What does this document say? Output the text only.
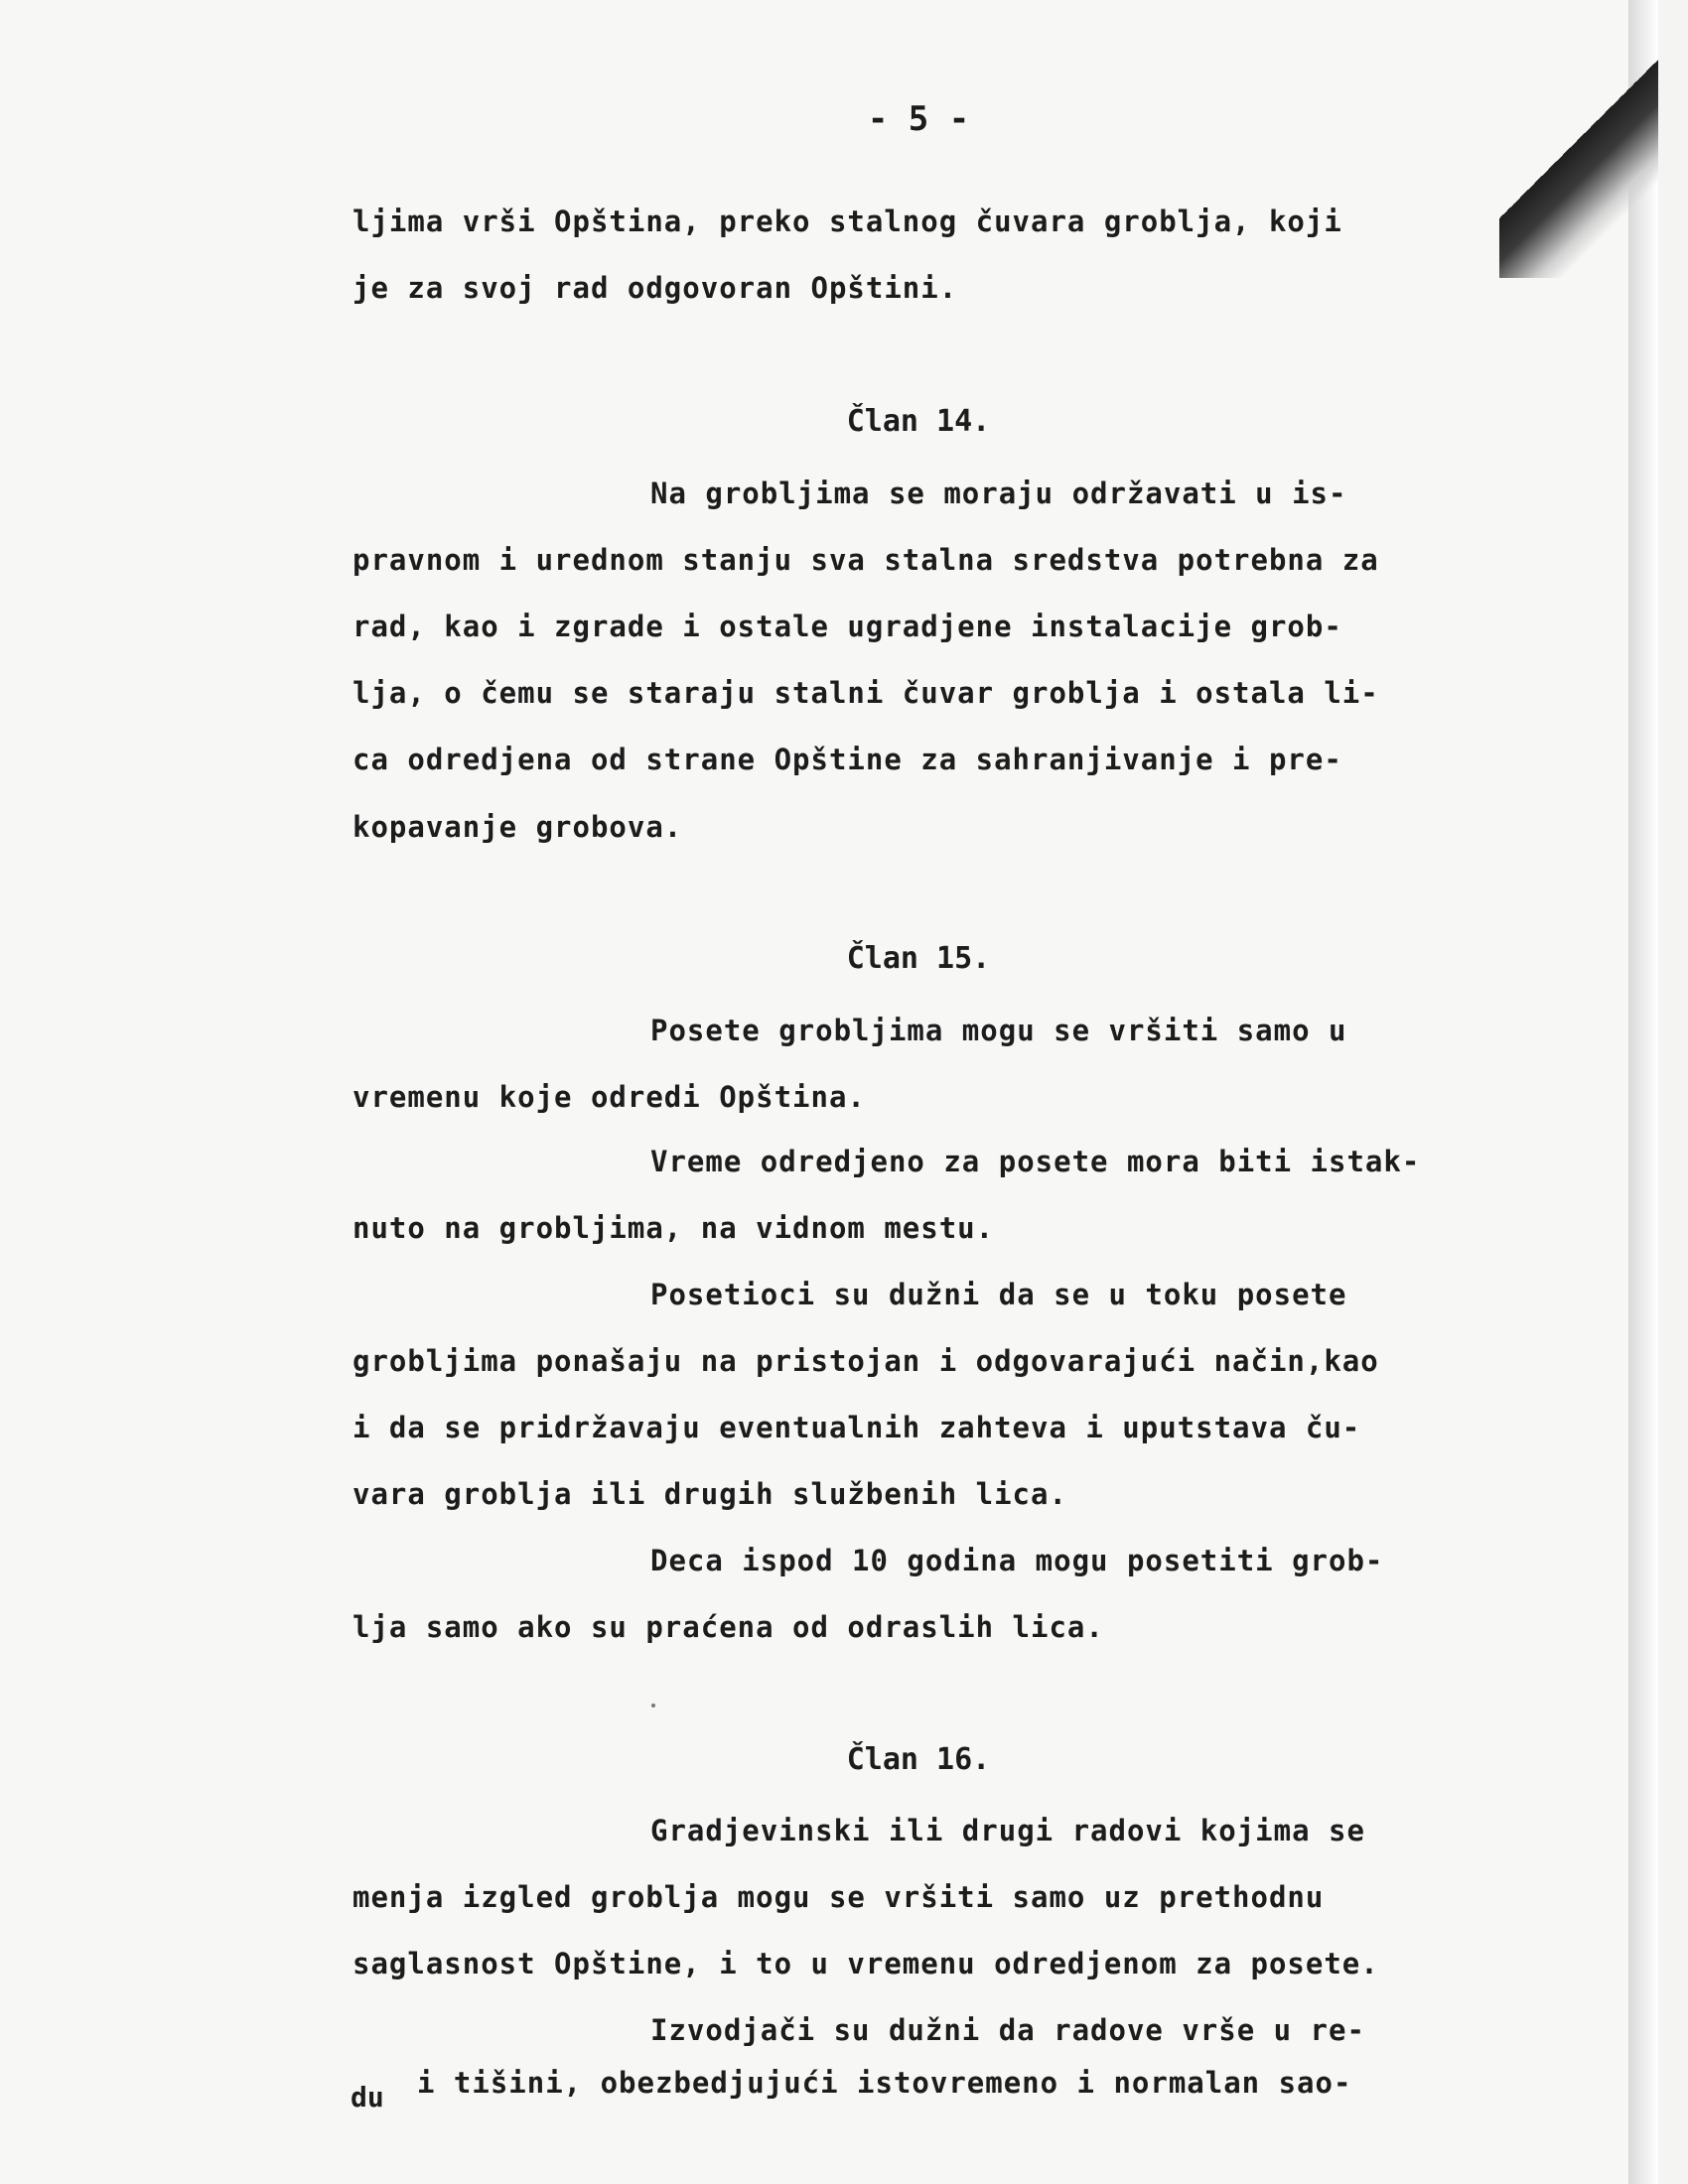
- 5 -
ljima vrši Opština, preko stalnog čuvara groblja, koji
je za svoj rad odgovoran Opštini.
Član 14.
Na grobljima se moraju održavati u is-
pravnom i urednom stanju sva stalna sredstva potrebna za
rad, kao i zgrade i ostale ugradjene instalacije grob-
lja, o čemu se staraju stalni čuvar groblja i ostala li-
ca odredjena od strane Opštine za sahranjivanje i pre-
kopavanje grobova.
Član 15.
Posete grobljima mogu se vršiti samo u
vremenu koje odredi Opština.
Vreme odredjeno za posete mora biti istak-
nuto na grobljima, na vidnom mestu.
Posetioci su dužni da se u toku posete
grobljima ponašaju na pristojan i odgovarajući način,kao
i da se pridržavaju eventualnih zahteva i uputstava ču-
vara groblja ili drugih službenih lica.
Deca ispod 10 godina mogu posetiti grob-
lja samo ako su praćena od odraslih lica.
Član 16.
Gradjevinski ili drugi radovi kojima se
menja izgled groblja mogu se vršiti samo uz prethodnu
saglasnost Opštine, i to u vremenu odredjenom za posete.
Izvodjači su dužni da radove vrše u re-
du i tišini, obezbedjujući istovremeno i normalan sao-
